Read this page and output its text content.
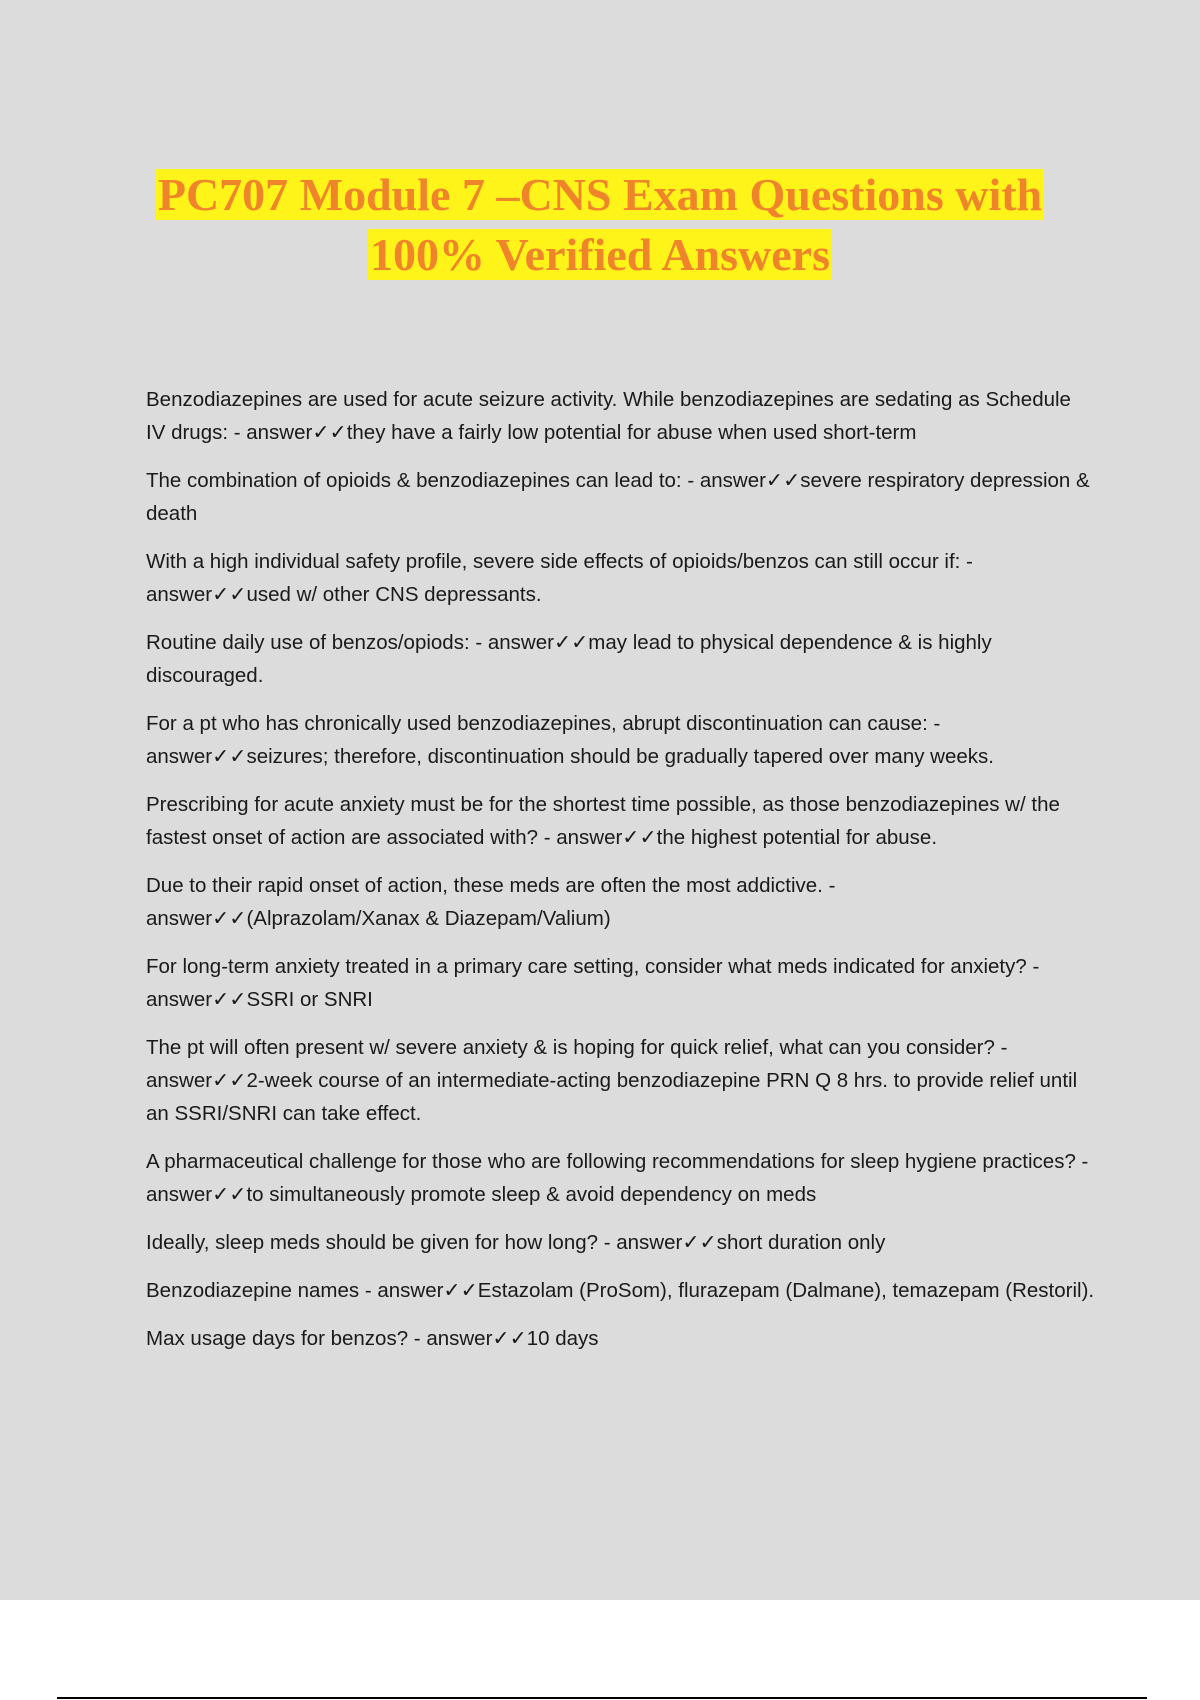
PC707 Module 7 –CNS Exam Questions with
100% Verified Answers
Benzodiazepines are used for acute seizure activity. While benzodiazepines are sedating as Schedule IV drugs: - answer✓✓they have a fairly low potential for abuse when used short-term
The combination of opioids & benzodiazepines can lead to: - answer✓✓severe respiratory depression & death
With a high individual safety profile, severe side effects of opioids/benzos can still occur if: - answer✓✓used w/ other CNS depressants.
Routine daily use of benzos/opiods: - answer✓✓may lead to physical dependence & is highly discouraged.
For a pt who has chronically used benzodiazepines, abrupt discontinuation can cause: - answer✓✓seizures; therefore, discontinuation should be gradually tapered over many weeks.
Prescribing for acute anxiety must be for the shortest time possible, as those benzodiazepines w/ the fastest onset of action are associated with? - answer✓✓the highest potential for abuse.
Due to their rapid onset of action, these meds are often the most addictive. - answer✓✓(Alprazolam/Xanax & Diazepam/Valium)
For long-term anxiety treated in a primary care setting, consider what meds indicated for anxiety? - answer✓✓SSRI or SNRI
The pt will often present w/ severe anxiety & is hoping for quick relief, what can you consider? - answer✓✓2-week course of an intermediate-acting benzodiazepine PRN Q 8 hrs. to provide relief until an SSRI/SNRI can take effect.
A pharmaceutical challenge for those who are following recommendations for sleep hygiene practices? - answer✓✓to simultaneously promote sleep & avoid dependency on meds
Ideally, sleep meds should be given for how long? - answer✓✓short duration only
Benzodiazepine names - answer✓✓Estazolam (ProSom), flurazepam (Dalmane), temazepam (Restoril).
Max usage days for benzos? - answer✓✓10 days
